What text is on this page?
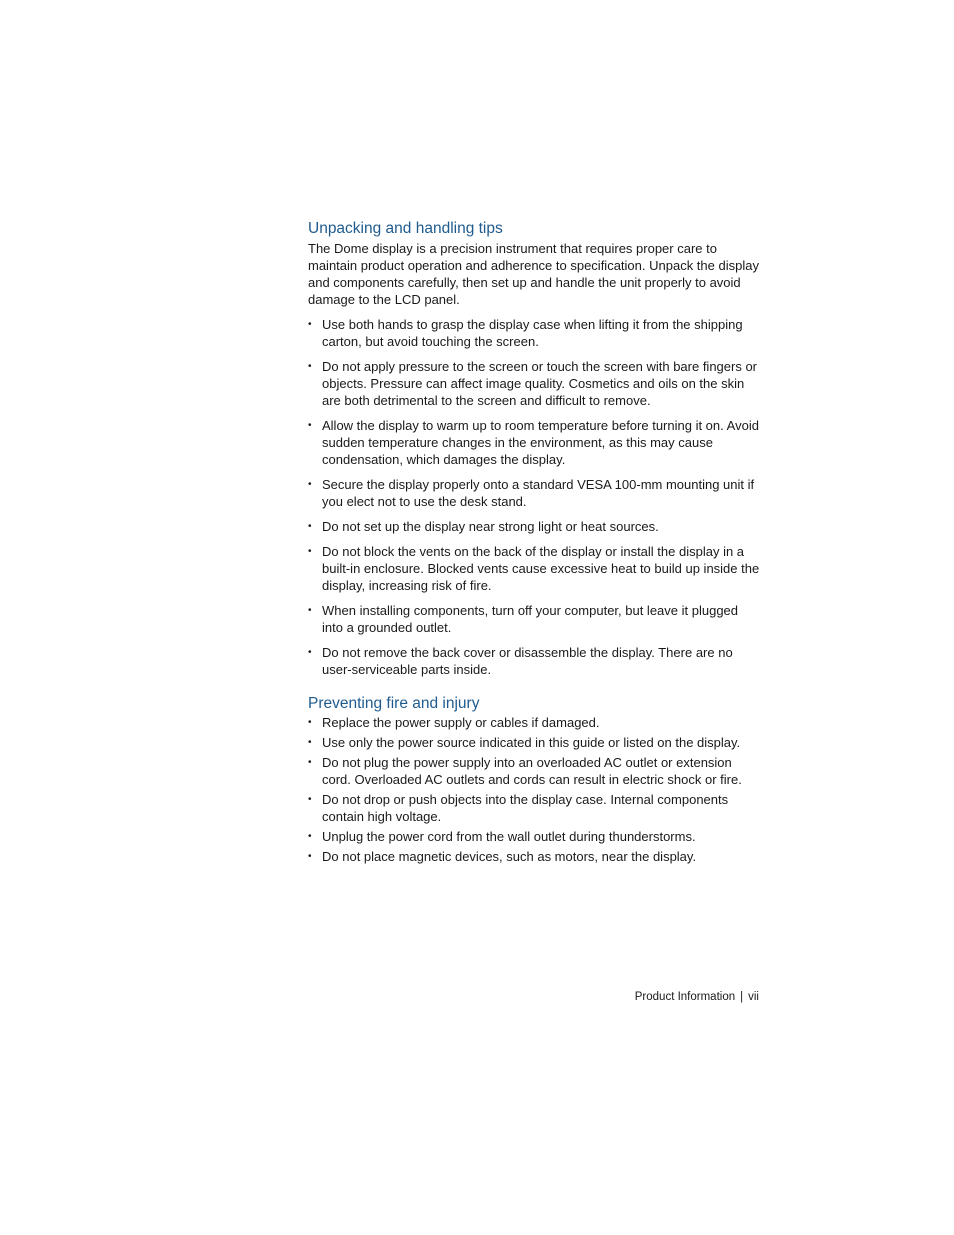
Unpacking and handling tips

The Dome display is a precision instrument that requires proper care to maintain product operation and adherence to specification. Unpack the display and components carefully, then set up and handle the unit properly to avoid damage to the LCD panel.

• Use both hands to grasp the display case when lifting it from the shipping carton, but avoid touching the screen.
• Do not apply pressure to the screen or touch the screen with bare fingers or objects. Pressure can affect image quality. Cosmetics and oils on the skin are both detrimental to the screen and difficult to remove.
• Allow the display to warm up to room temperature before turning it on. Avoid sudden temperature changes in the environment, as this may cause condensation, which damages the display.
• Secure the display properly onto a standard VESA 100-mm mounting unit if you elect not to use the desk stand.
• Do not set up the display near strong light or heat sources.
• Do not block the vents on the back of the display or install the display in a built-in enclosure. Blocked vents cause excessive heat to build up inside the display, increasing risk of fire.
• When installing components, turn off your computer, but leave it plugged into a grounded outlet.
• Do not remove the back cover or disassemble the display. There are no user-serviceable parts inside.
Preventing fire and injury
• Replace the power supply or cables if damaged.
• Use only the power source indicated in this guide or listed on the display.
• Do not plug the power supply into an overloaded AC outlet or extension cord. Overloaded AC outlets and cords can result in electric shock or fire.
• Do not drop or push objects into the display case. Internal components contain high voltage.
• Unplug the power cord from the wall outlet during thunderstorms.
• Do not place magnetic devices, such as motors, near the display.
Product Information | vii
